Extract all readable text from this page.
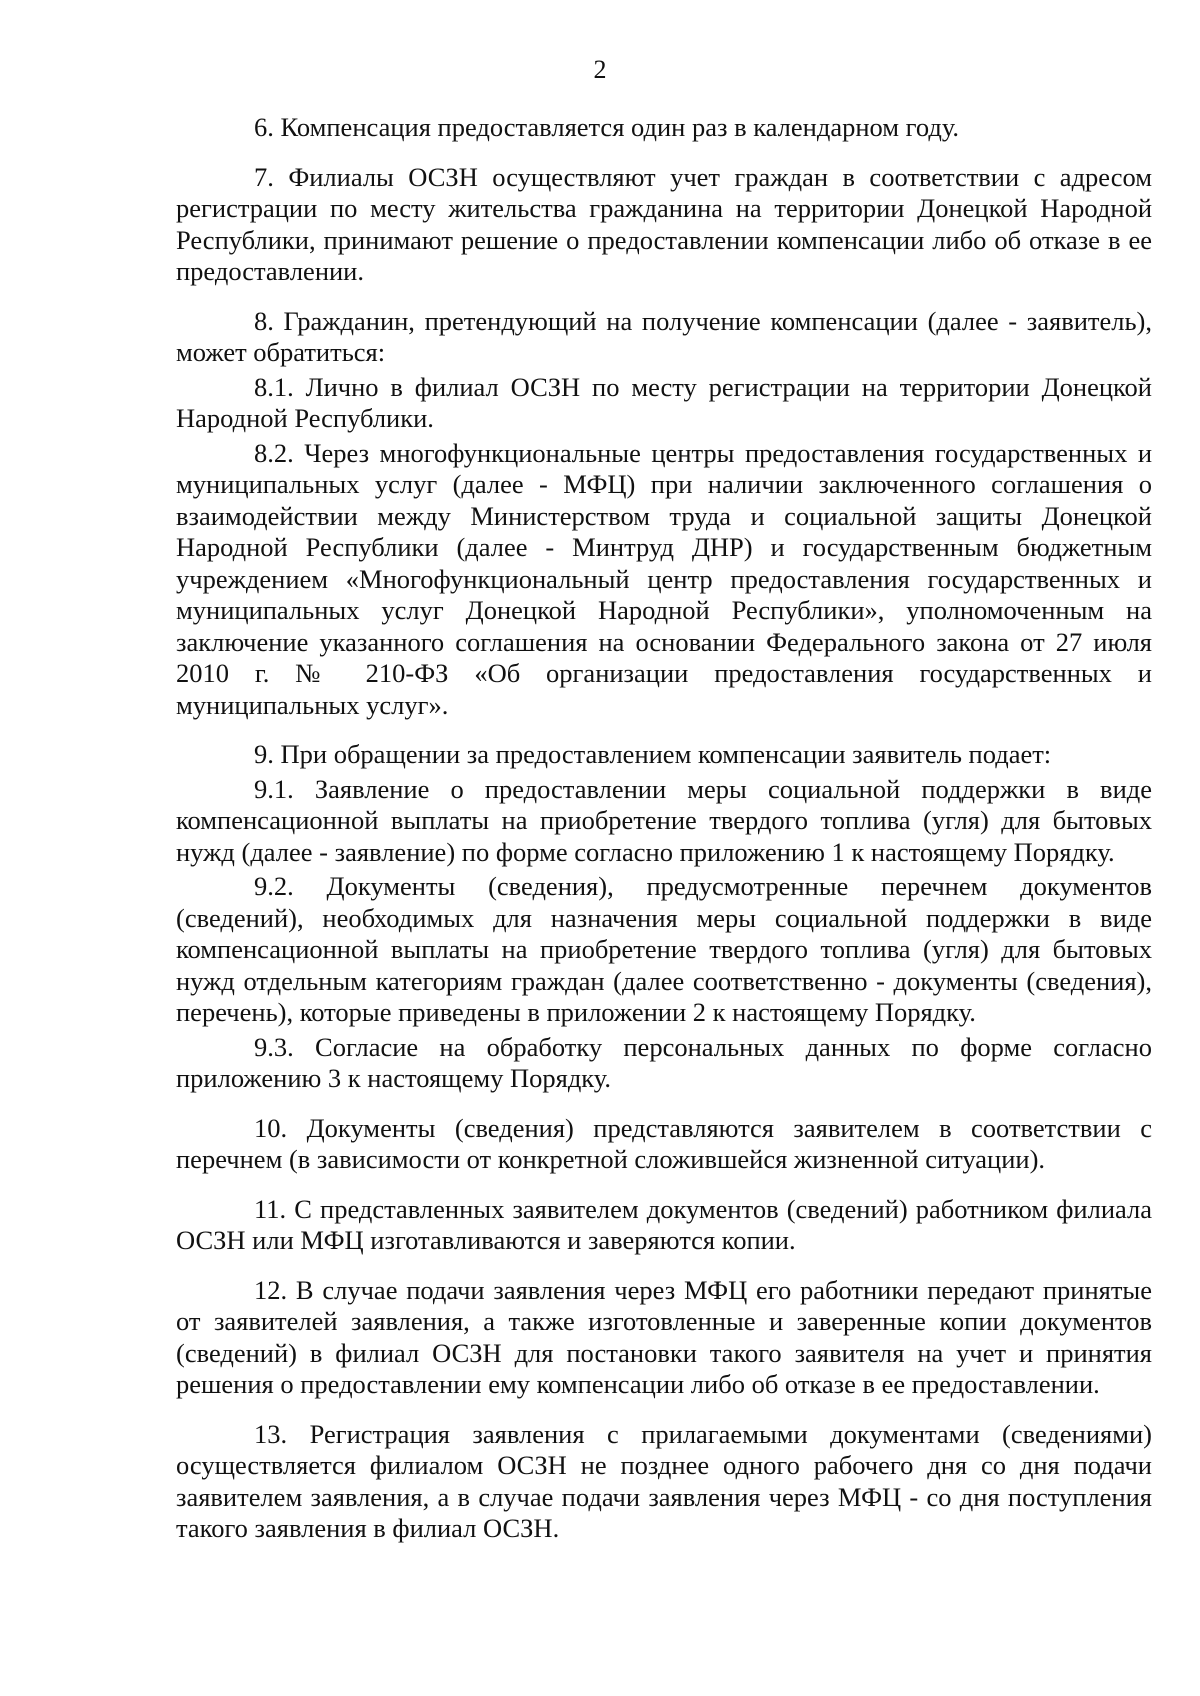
2

6. Компенсация предоставляется один раз в календарном году.

7. Филиалы ОСЗН осуществляют учет граждан в соответствии с адресом регистрации по месту жительства гражданина на территории Донецкой Народной Республики, принимают решение о предоставлении компенсации либо об отказе в ее предоставлении.

8. Гражданин, претендующий на получение компенсации (далее - заявитель), может обратиться:

8.1. Лично в филиал ОСЗН по месту регистрации на территории Донецкой Народной Республики.

8.2. Через многофункциональные центры предоставления государственных и муниципальных услуг (далее - МФЦ) при наличии заключенного соглашения о взаимодействии между Министерством труда и социальной защиты Донецкой Народной Республики (далее - Минтруд ДНР) и государственным бюджетным учреждением «Многофункциональный центр предоставления государственных и муниципальных услуг Донецкой Народной Республики», уполномоченным на заключение указанного соглашения на основании Федерального закона от 27 июля 2010 г. № 210-ФЗ «Об организации предоставления государственных и муниципальных услуг».

9. При обращении за предоставлением компенсации заявитель подает:

9.1. Заявление о предоставлении меры социальной поддержки в виде компенсационной выплаты на приобретение твердого топлива (угля) для бытовых нужд (далее - заявление) по форме согласно приложению 1 к настоящему Порядку.

9.2. Документы (сведения), предусмотренные перечнем документов (сведений), необходимых для назначения меры социальной поддержки в виде компенсационной выплаты на приобретение твердого топлива (угля) для бытовых нужд отдельным категориям граждан (далее соответственно - документы (сведения), перечень), которые приведены в приложении 2 к настоящему Порядку.

9.3. Согласие на обработку персональных данных по форме согласно приложению 3 к настоящему Порядку.

10. Документы (сведения) представляются заявителем в соответствии с перечнем (в зависимости от конкретной сложившейся жизненной ситуации).

11. С представленных заявителем документов (сведений) работником филиала ОСЗН или МФЦ изготавливаются и заверяются копии.

12. В случае подачи заявления через МФЦ его работники передают принятые от заявителей заявления, а также изготовленные и заверенные копии документов (сведений) в филиал ОСЗН для постановки такого заявителя на учет и принятия решения о предоставлении ему компенсации либо об отказе в ее предоставлении.

13. Регистрация заявления с прилагаемыми документами (сведениями) осуществляется филиалом ОСЗН не позднее одного рабочего дня со дня подачи заявителем заявления, а в случае подачи заявления через МФЦ - со дня поступления такого заявления в филиал ОСЗН.
